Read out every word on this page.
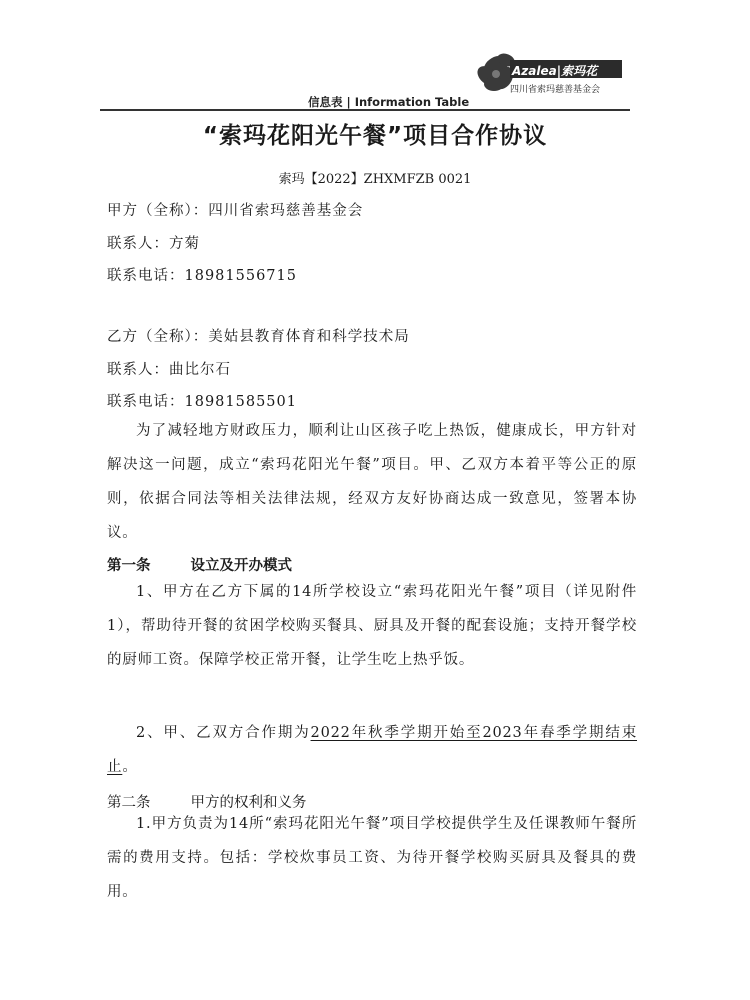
Azalea|索玛花
四川省索玛慈善基金会
信息表 | Information Table
“索玛花阳光午餐”项目合作协议
索玛【2022】ZHXMFZB 0021
甲方（全称）：四川省索玛慈善基金会
联系人：方菊
联系电话：18981556715
乙方（全称）：美姑县教育体育和科学技术局
联系人：曲比尔石
联系电话：18981585501
为了减轻地方财政压力，顺利让山区孩子吃上热饭，健康成长，甲方针对解决这一问题，成立“索玛花阳光午餐”项目。甲、乙双方本着平等公正的原则，依据合同法等相关法律法规，经双方友好协商达成一致意见，签署本协议。
第一条	设立及开办模式
1、甲方在乙方下属的14所学校设立“索玛花阳光午餐”项目（详见附件1），帮助待开餐的贫困学校购买餐具、厨具及开餐的配套设施；支持开餐学校的厨师工资。保障学校正常开餐，让学生吃上热乎饭。
2、甲、乙双方合作期为2022年秋季学期开始至2023年春季学期结束止。
第二条	甲方的权利和义务
1.甲方负责为14所“索玛花阳光午餐”项目学校提供学生及任课教师午餐所需的费用支持。包括：学校炊事员工资、为待开餐学校购买厨具及餐具的费用。
